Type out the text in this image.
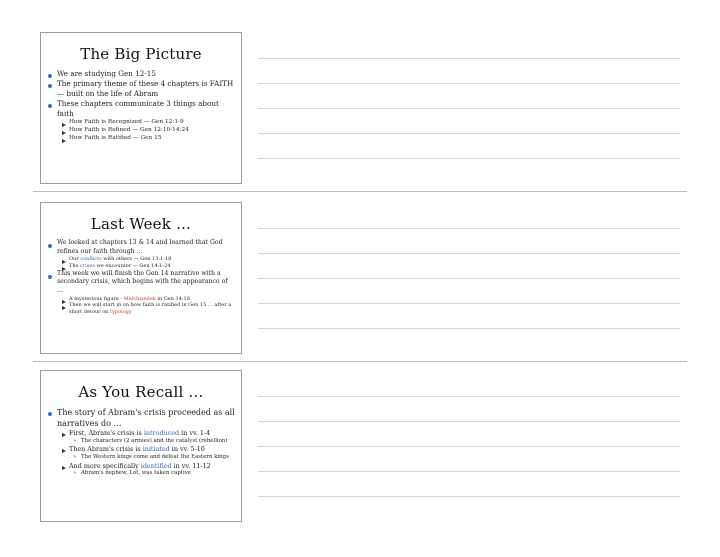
The Big Picture
We are studying Gen 12-15
The primary theme of these 4 chapters is FAITH — built on the life of Abram
These chapters communicate 3 things about faith
How Faith is Recognized — Gen 12:1-9
How Faith is Refined — Gen 12:10-14:24
How Faith is Ratified — Gen 15
Last Week …
We looked at chapters 13 & 14 and learned that God refines our faith through …
Our conflicts with others — Gen 13:1-18
The crises we encounter — Gen 14:1-24
This week we will finish the Gen 14 narrative with a secondary crisis, which begins with the appearance of …
A mysterious figure - Melchizedek in Gen 14:18
Then we will start in on how faith is ratified in Gen 15 … after a short detour on typology
As You Recall …
The story of Abram's crisis proceeded as all narratives do …
First, Abram's crisis is introduced in vv. 1-4
» The characters (2 armies) and the catalyst (rebellion)
Then Abram's crisis is initiated in vv. 5-10
» The Western kings come and defeat the Eastern kings
And more specifically identified in vv. 11-12
» Abram's nephew, Lot, was taken captive
